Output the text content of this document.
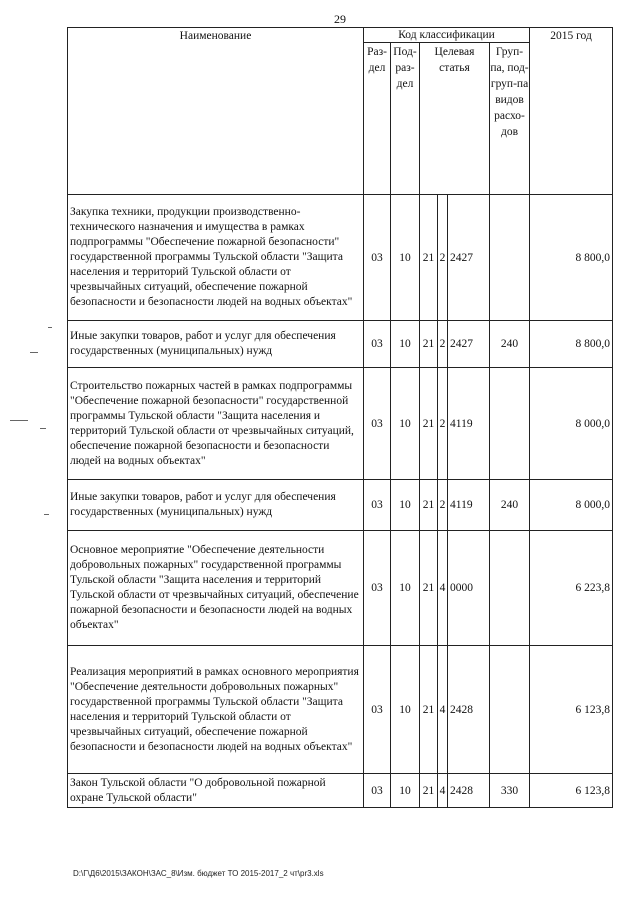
29
Наименование	Код классификации						2015 год
	Раз-дел	Под-раз-дел	Целевая статья			Груп-па, под-груп-па видов расхо-дов	
Закупка техники, продукции производственно-технического назначения и имущества в рамках подпрограммы "Обеспечение пожарной безопасности" государственной программы Тульской области "Защита населения и территорий Тульской области от чрезвычайных ситуаций, обеспечение пожарной безопасности и безопасности людей на водных объектах"	03	10	21	2	2427		8 800,0
Иные закупки товаров, работ и услуг для обеспечения государственных (муниципальных) нужд	03	10	21	2	2427	240	8 800,0
Строительство пожарных частей в рамках подпрограммы "Обеспечение пожарной безопасности" государственной программы Тульской области "Защита населения и территорий Тульской области от чрезвычайных ситуаций, обеспечение пожарной безопасности и безопасности людей на водных объектах"	03	10	21	2	4119		8 000,0
Иные закупки товаров, работ и услуг для обеспечения государственных (муниципальных) нужд	03	10	21	2	4119	240	8 000,0
Основное мероприятие "Обеспечение деятельности добровольных пожарных" государственной программы Тульской области "Защита населения и территорий Тульской области от чрезвычайных ситуаций, обеспечение пожарной безопасности и безопасности людей на водных объектах"	03	10	21	4	0000		6 223,8
Реализация мероприятий в рамках основного мероприятия "Обеспечение деятельности добровольных пожарных" государственной программы Тульской области "Защита населения и территорий Тульской области от чрезвычайных ситуаций, обеспечение пожарной безопасности и безопасности людей на водных объектах"	03	10	21	4	2428		6 123,8
Закон Тульской области "О добровольной пожарной охране Тульской области"	03	10	21	4	2428	330	6 123,8
D:\Г\Д6\2015\ЗАКОН\ЗАС_8\Изм. бюджет ТО 2015-2017_2 чт\pr3.xls
